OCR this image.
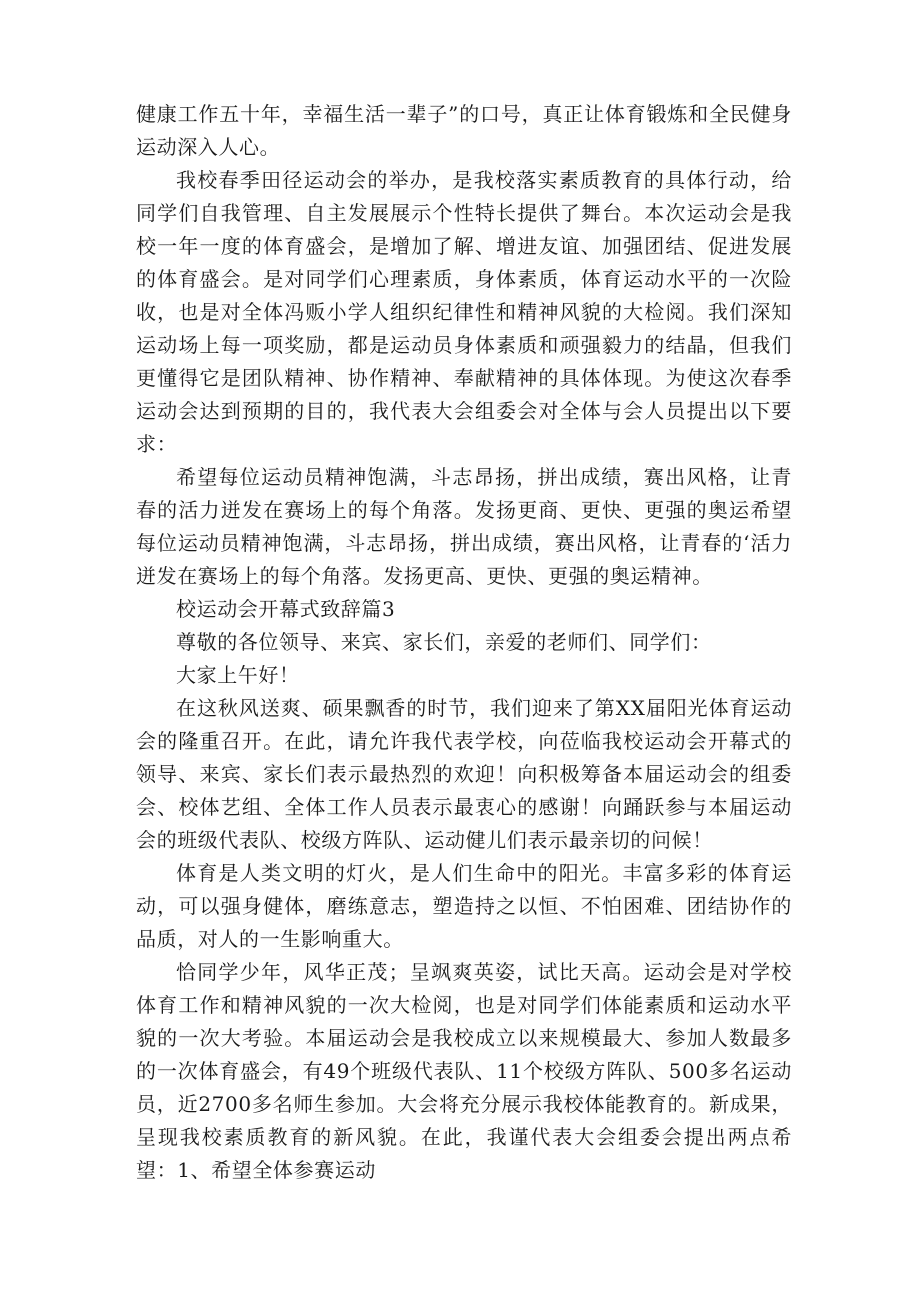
健康工作五十年，幸福生活一辈子”的口号，真正让体育锻炼和全民健身运动深入人心。

我校春季田径运动会的举办，是我校落实素质教育的具体行动，给同学们自我管理、自主发展展示个性特长提供了舞台。本次运动会是我校一年一度的体育盛会，是增加了解、增进友谊、加强团结、促进发展的体育盛会。是对同学们心理素质，身体素质，体育运动水平的一次险收，也是对全体冯贩小学人组织纪律性和精神风貌的大检阅。我们深知运动场上每一项奖励，都是运动员身体素质和顽强毅力的结晶，但我们更懂得它是团队精神、协作精神、奉献精神的具体体现。为使这次春季运动会达到预期的目的，我代表大会组委会对全体与会人员提出以下要求：

希望每位运动员精神饱满，斗志昂扬，拼出成绩，赛出风格，让青春的活力迸发在赛场上的每个角落。发扬更商、更快、更强的奥运希望每位运动员精神饱满，斗志昂扬，拼出成绩，赛出风格，让青春的‘活力迸发在赛场上的每个角落。发扬更高、更快、更强的奥运精神。

校运动会开幕式致辞篇3

尊敬的各位领导、来宾、家长们，亲爱的老师们、同学们：

大家上午好！

在这秋风送爽、硕果飘香的时节，我们迎来了第XX届阳光体育运动会的隆重召开。在此，请允许我代表学校，向莅临我校运动会开幕式的领导、来宾、家长们表示最热烈的欢迎！向积极筹备本届运动会的组委会、校体艺组、全体工作人员表示最衷心的感谢！向踊跃参与本届运动会的班级代表队、校级方阵队、运动健儿们表示最亲切的问候！

体育是人类文明的灯火，是人们生命中的阳光。丰富多彩的体育运动，可以强身健体，磨练意志，塑造持之以恒、不怕困难、团结协作的品质，对人的一生影响重大。

恰同学少年，风华正茂；呈飒爽英姿，试比天高。运动会是对学校体育工作和精神风貌的一次大检阅，也是对同学们体能素质和运动水平貌的一次大考验。本届运动会是我校成立以来规模最大、参加人数最多的一次体育盛会，有49个班级代表队、11个校级方阵队、500多名运动员，近2700多名师生参加。大会将充分展示我校体能教育的。新成果，呈现我校素质教育的新风貌。在此，我谨代表大会组委会提出两点希望：1、希望全体参赛运动
